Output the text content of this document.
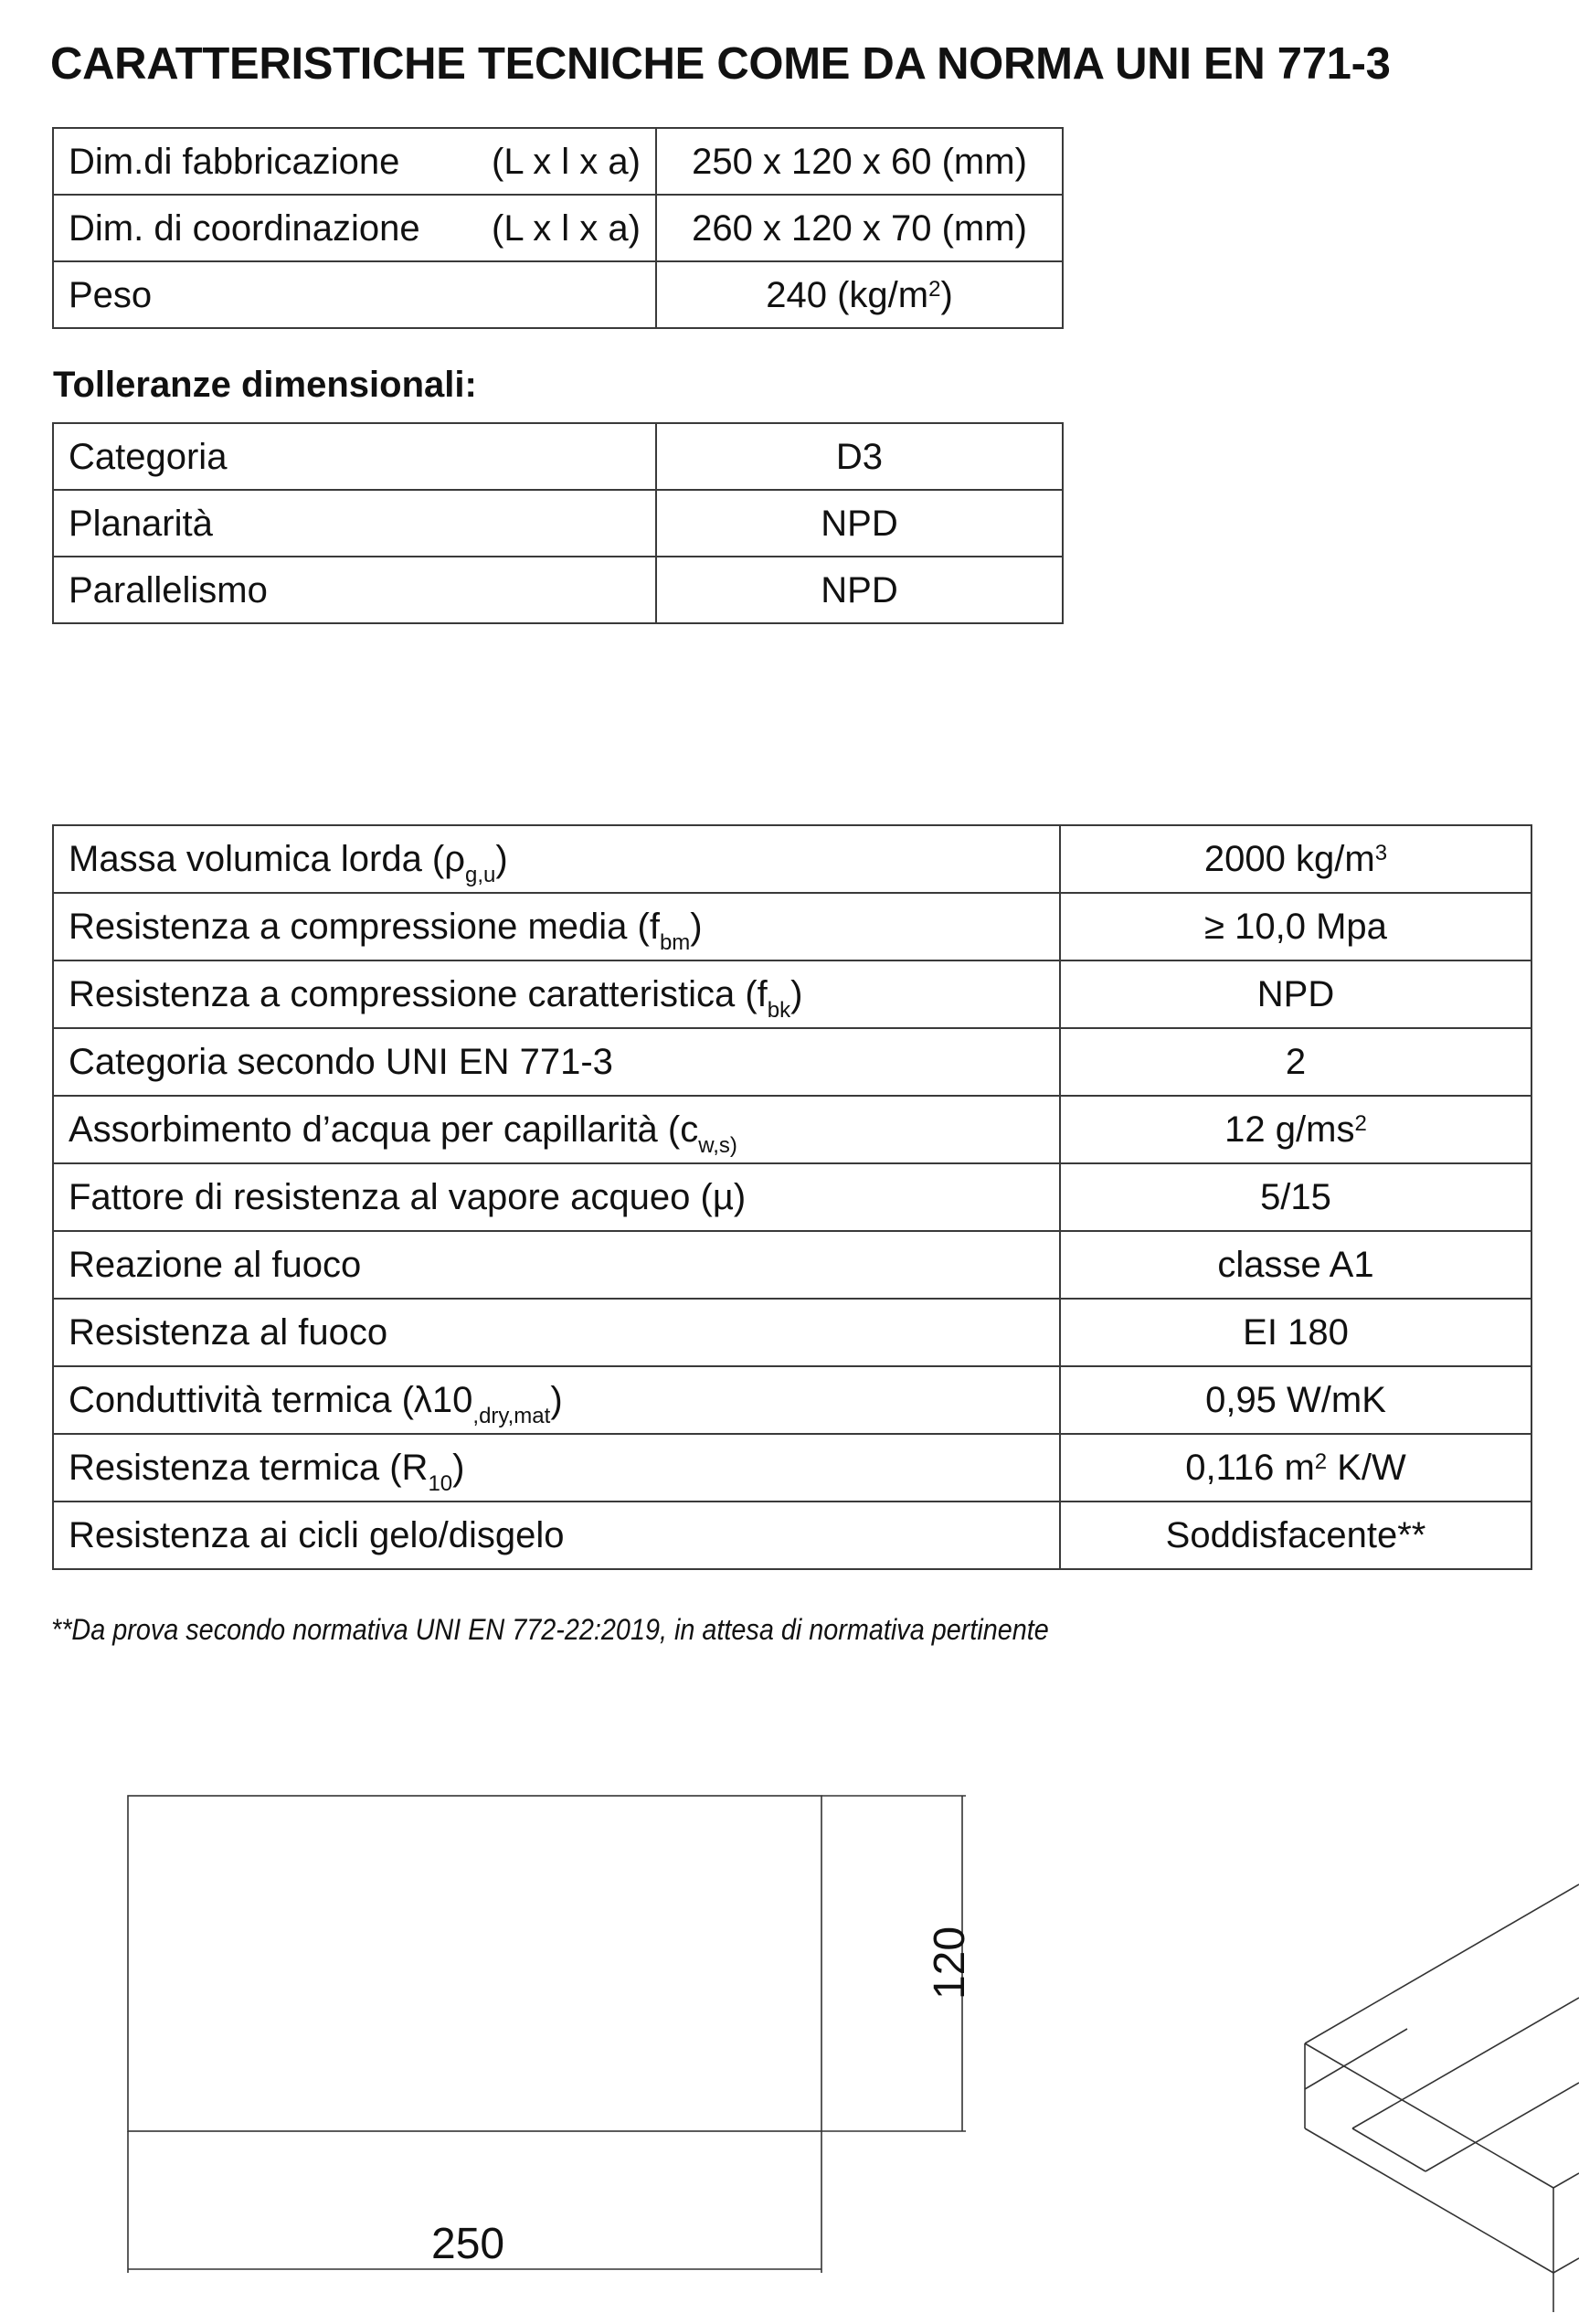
CARATTERISTICHE TECNICHE COME DA NORMA UNI EN 771-3
Dim.di fabbricazione (L x l x a)	250 x 120 x 60 (mm)

Dim. di coordinazione (L x l x a)	260 x 120 x 70 (mm)
Peso	240 $(kg/m^2)$
Tolleranze dimensionali:
Categoria	D3
Planarità	NPD
Parallelismo	NPD
Massa volumica lorda $(\rho_{g,u})$	2000 $kg/m^3$
Resistenza a compressione media $(f_{bm})$	≥ 10,0 Mpa
Resistenza a compressione caratteristica $(f_{bk})$	NPD
Categoria secondo UNI EN 771-3	2
Assorbimento d’acqua per capillarità ($c_{w,s)}$	12 $g/ms^2$
Fattore di resistenza al vapore acqueo (µ)	5/15
Reazione al fuoco	classe A1
Resistenza al fuoco	EI 180
Conduttività termica $(\lambda 10_{,dry,mat})$	0,95 W/mK
Resistenza termica $(R_{10})$	0,116 $m^2$ K/W
Resistenza ai cicli gelo/disgelo	Soddisfacente**
**Da prova secondo normativa UNI EN 772-22:2019, in attesa di normativa pertinente
250
120
